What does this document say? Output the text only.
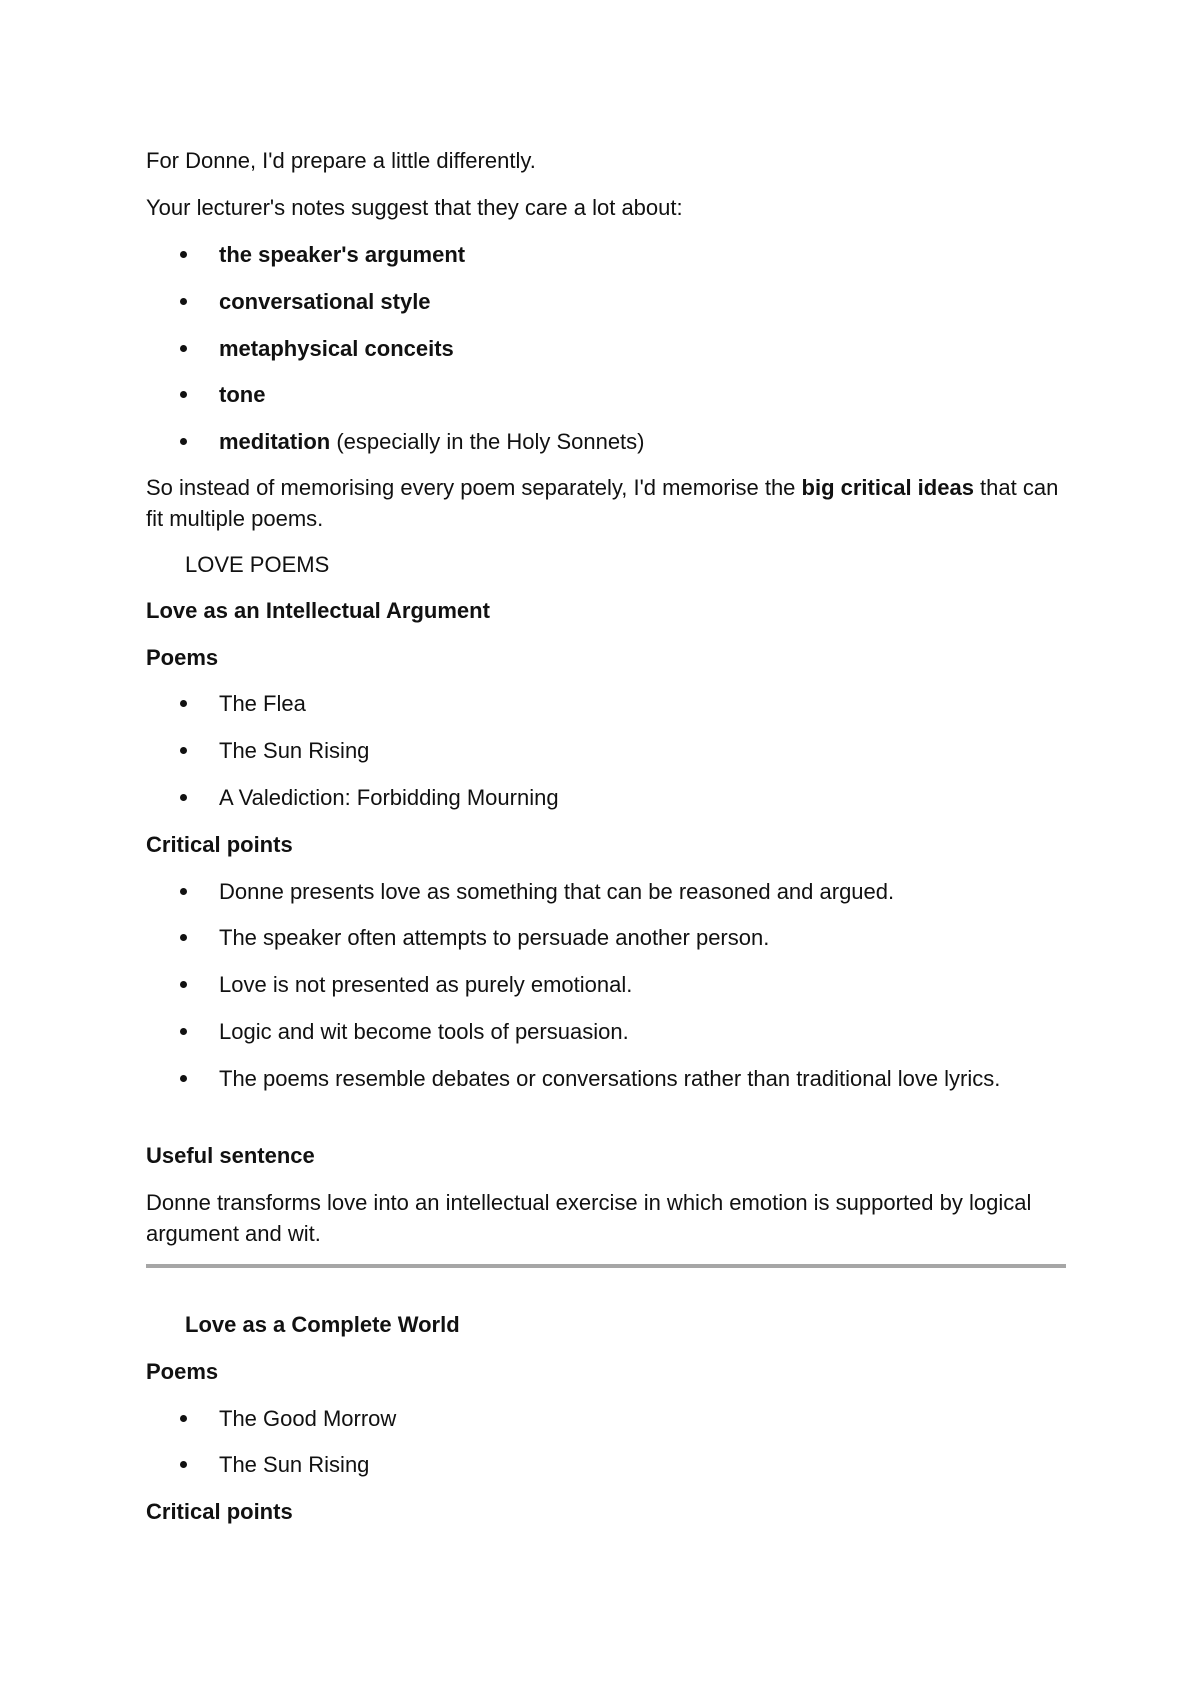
For Donne, I'd prepare a little differently.

Your lecturer's notes suggest that they care a lot about:

the speaker's argument
conversational style
metaphysical conceits
tone
meditation (especially in the Holy Sonnets)

So instead of memorising every poem separately, I'd memorise the big critical ideas that can fit multiple poems.

LOVE POEMS

Love as an Intellectual Argument

Poems

The Flea
The Sun Rising
A Valediction: Forbidding Mourning

Critical points

Donne presents love as something that can be reasoned and argued.
The speaker often attempts to persuade another person.
Love is not presented as purely emotional.
Logic and wit become tools of persuasion.
The poems resemble debates or conversations rather than traditional love lyrics.

Useful sentence

Donne transforms love into an intellectual exercise in which emotion is supported by logical argument and wit.

Love as a Complete World

Poems

The Good Morrow
The Sun Rising

Critical points
